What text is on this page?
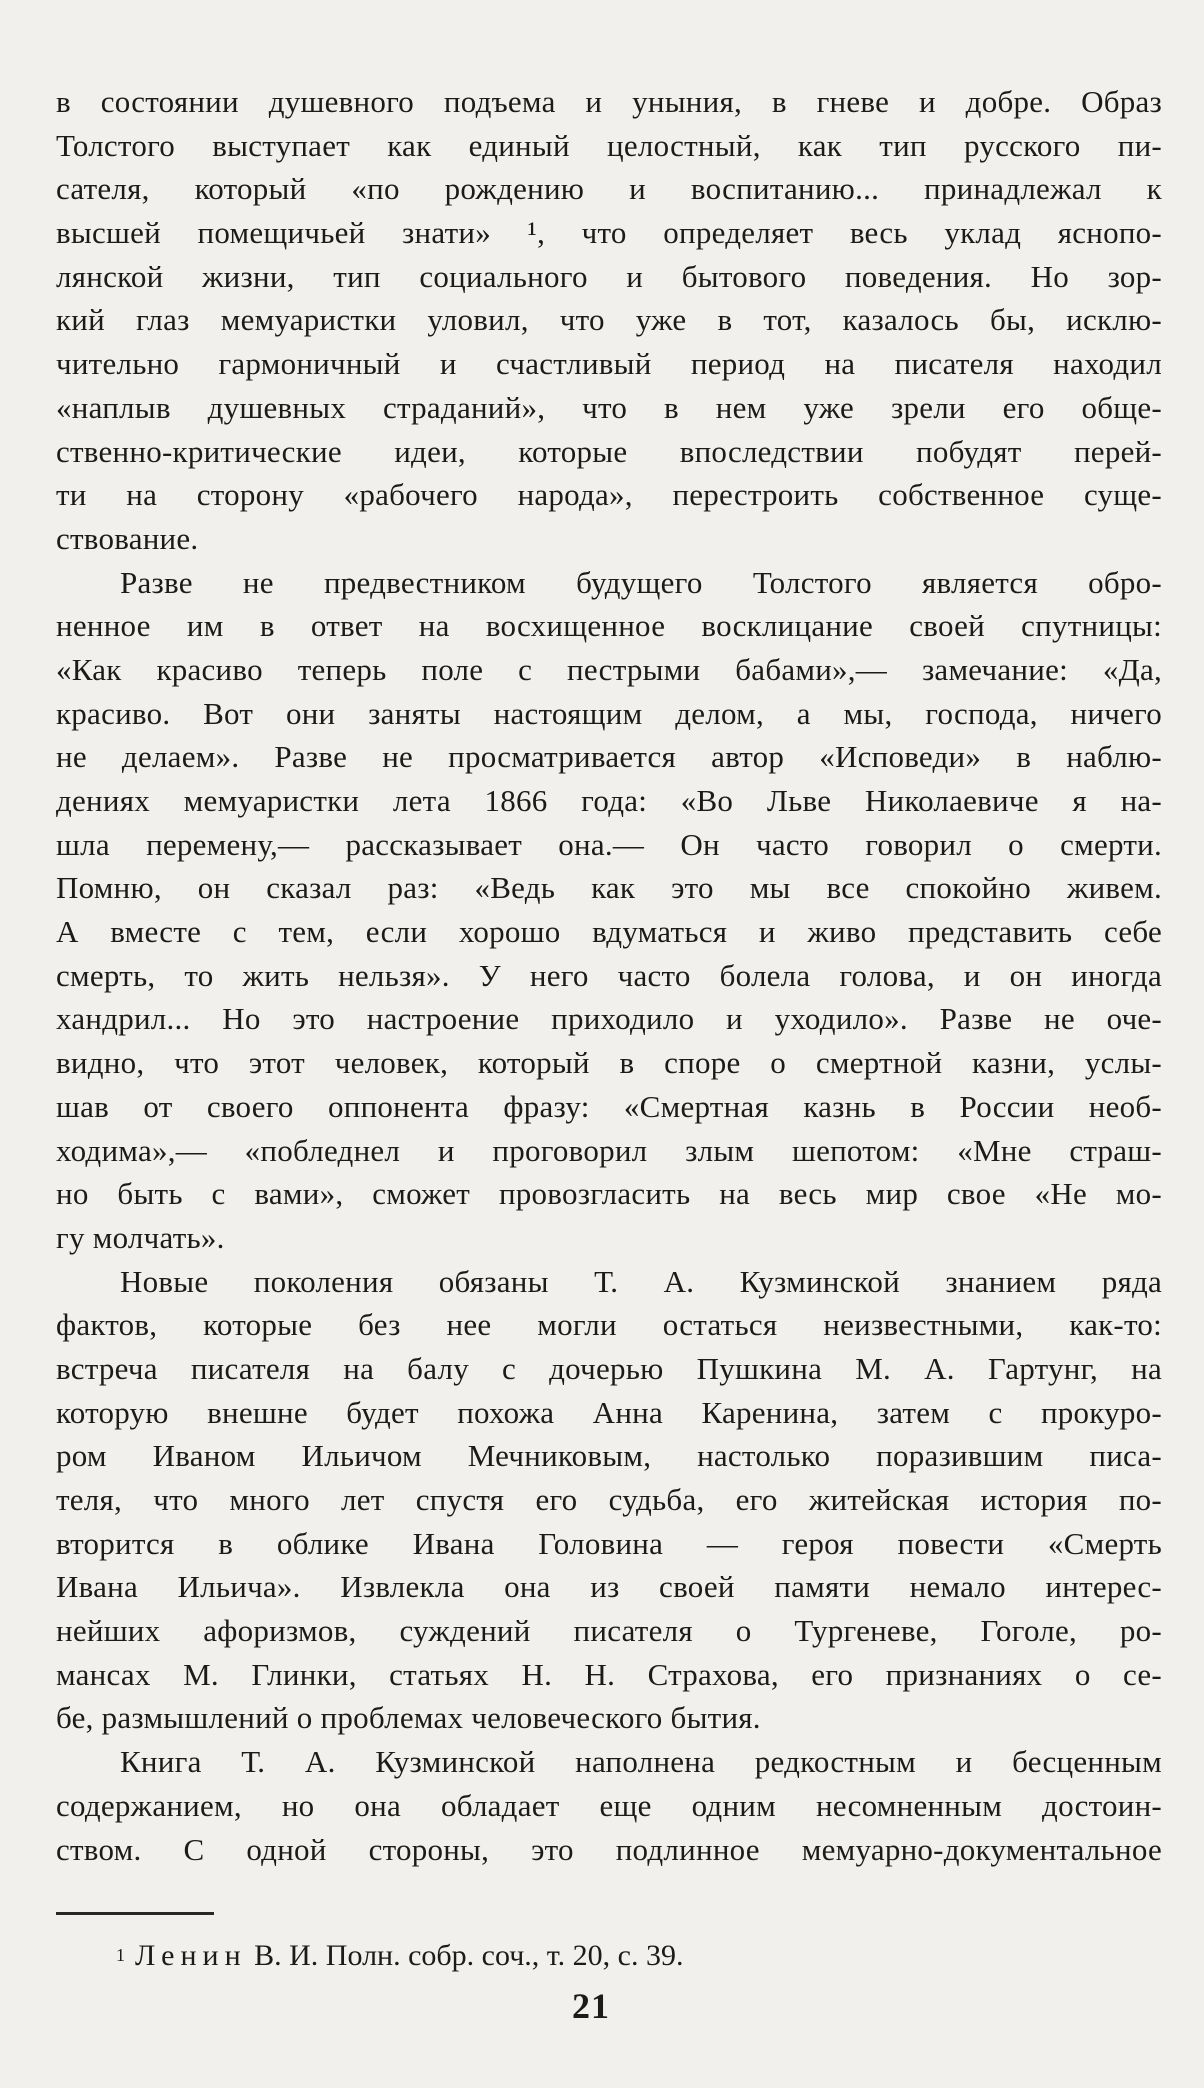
в состоянии душевного подъема и уныния, в гневе и добре. Образ
Толстого выступает как единый целостный, как тип русского пи-
сателя, который «по рождению и воспитанию... принадлежал к
высшей помещичьей знати» ¹, что определяет весь уклад яснопо-
лянской жизни, тип социального и бытового поведения. Но зор-
кий глаз мемуаристки уловил, что уже в тот, казалось бы, исклю-
чительно гармоничный и счастливый период на писателя находил
«наплыв душевных страданий», что в нем уже зрели его обще-
ственно-критические идеи, которые впоследствии побудят перей-
ти на сторону «рабочего народа», перестроить собственное суще-
ствование.
Разве не предвестником будущего Толстого является обро-
ненное им в ответ на восхищенное восклицание своей спутницы:
«Как красиво теперь поле с пестрыми бабами»,— замечание: «Да,
красиво. Вот они заняты настоящим делом, а мы, господа, ничего
не делаем». Разве не просматривается автор «Исповеди» в наблю-
дениях мемуаристки лета 1866 года: «Во Льве Николаевиче я на-
шла перемену,— рассказывает она.— Он часто говорил о смерти.
Помню, он сказал раз: «Ведь как это мы все спокойно живем.
А вместе с тем, если хорошо вдуматься и живо представить себе
смерть, то жить нельзя». У него часто болела голова, и он иногда
хандрил... Но это настроение приходило и уходило». Разве не оче-
видно, что этот человек, который в споре о смертной казни, услы-
шав от своего оппонента фразу: «Смертная казнь в России необ-
ходима»,— «побледнел и проговорил злым шепотом: «Мне страш-
но быть с вами», сможет провозгласить на весь мир свое «Не мо-
гу молчать».
Новые поколения обязаны Т. А. Кузминской знанием ряда
фактов, которые без нее могли остаться неизвестными, как-то:
встреча писателя на балу с дочерью Пушкина М. А. Гартунг, на
которую внешне будет похожа Анна Каренина, затем с прокуро-
ром Иваном Ильичом Мечниковым, настолько поразившим писа-
теля, что много лет спустя его судьба, его житейская история по-
вторится в облике Ивана Головина — героя повести «Смерть
Ивана Ильича». Извлекла она из своей памяти немало интерес-
нейших афоризмов, суждений писателя о Тургеневе, Гоголе, ро-
мансах М. Глинки, статьях Н. Н. Страхова, его признаниях о се-
бе, размышлений о проблемах человеческого бытия.
Книга Т. А. Кузминской наполнена редкостным и бесценным
содержанием, но она обладает еще одним несомненным достоин-
ством. С одной стороны, это подлинное мемуарно-документальное
$^1$ Ленин В. И. Полн. собр. соч., т. 20, с. 39.
21
